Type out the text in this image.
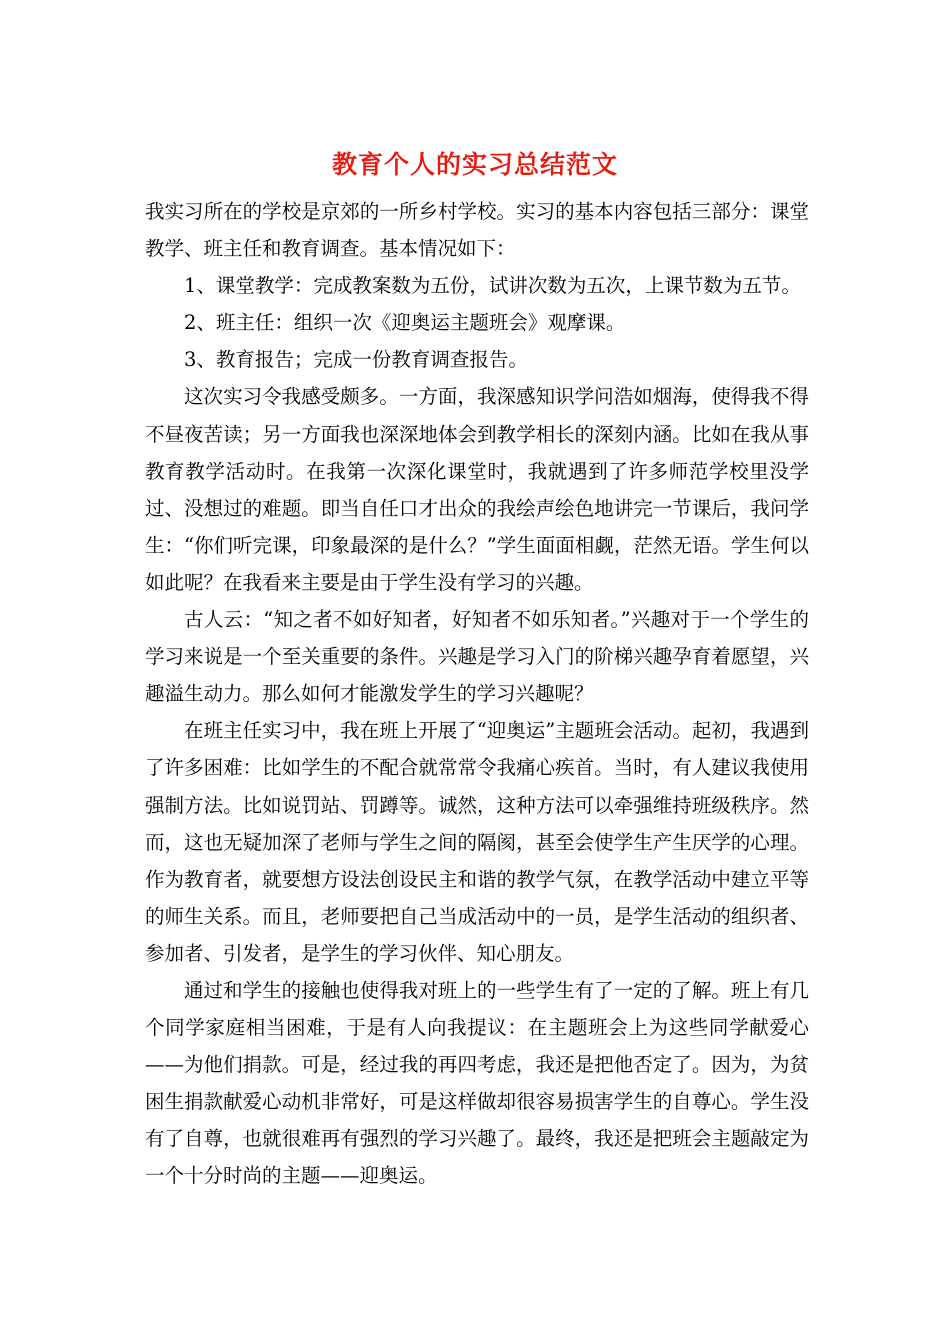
教育个人的实习总结范文

我实习所在的学校是京郊的一所乡村学校。实习的基本内容包括三部分：课堂教学、班主任和教育调查。基本情况如下：

1、课堂教学：完成教案数为五份，试讲次数为五次，上课节数为五节。

2、班主任：组织一次《迎奥运主题班会》观摩课。

3、教育报告；完成一份教育调查报告。

这次实习令我感受颇多。一方面，我深感知识学问浩如烟海，使得我不得不昼夜苦读；另一方面我也深深地体会到教学相长的深刻内涵。比如在我从事教育教学活动时。在我第一次深化课堂时，我就遇到了许多师范学校里没学过、没想过的难题。即当自任口才出众的我绘声绘色地讲完一节课后，我问学生：“你们听完课，印象最深的是什么？”学生面面相觑，茫然无语。学生何以如此呢？在我看来主要是由于学生没有学习的兴趣。

古人云：“知之者不如好知者，好知者不如乐知者。”兴趣对于一个学生的学习来说是一个至关重要的条件。兴趣是学习入门的阶梯兴趣孕育着愿望，兴趣溢生动力。那么如何才能激发学生的学习兴趣呢？

在班主任实习中，我在班上开展了“迎奥运”主题班会活动。起初，我遇到了许多困难：比如学生的不配合就常常令我痛心疾首。当时，有人建议我使用强制方法。比如说罚站、罚蹲等。诚然，这种方法可以牵强维持班级秩序。然而，这也无疑加深了老师与学生之间的隔阂，甚至会使学生产生厌学的心理。作为教育者，就要想方设法创设民主和谐的教学气氛，在教学活动中建立平等的师生关系。而且，老师要把自己当成活动中的一员，是学生活动的组织者、参加者、引发者，是学生的学习伙伴、知心朋友。

通过和学生的接触也使得我对班上的一些学生有了一定的了解。班上有几个同学家庭相当困难，于是有人向我提议：在主题班会上为这些同学献爱心——为他们捐款。可是，经过我的再四考虑，我还是把他否定了。因为，为贫困生捐款献爱心动机非常好，可是这样做却很容易损害学生的自尊心。学生没有了自尊，也就很难再有强烈的学习兴趣了。最终，我还是把班会主题敲定为一个十分时尚的主题——迎奥运。
